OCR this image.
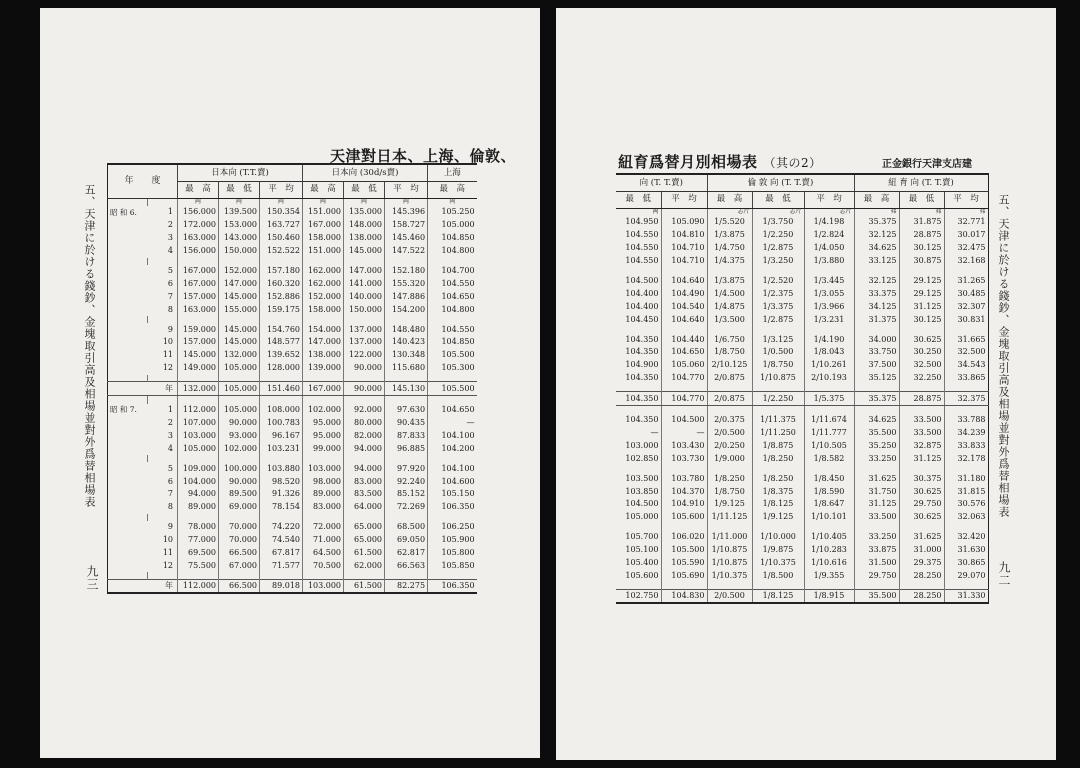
天津對日本、上海、倫敦、
五、天津に於ける錢鈔、金塊取引高及相場並對外爲替相場表
九三
年　　度		日本向 (T.T.賣)			日本向 (30d/s賣)			上海
		最　高	最　低	平　均	最　高	最　低	平　均	最　高
		両	両	両	両	両	両	両
昭 和 6.	1	156.000	139.500	150.354	151.000	135.000	145.396	105.250
	2	172.000	153.000	163.727	167.000	148.000	158.727	105.000
	3	163.000	143.000	150.460	158.000	138.000	145.460	104.850
	4	156.000	150.000	152.522	151.000	145.000	147.522	104.800

	5	167.000	152.000	157.180	162.000	147.000	152.180	104.700
	6	167.000	147.000	160.320	162.000	141.000	155.320	104.550
	7	157.000	145.000	152.886	152.000	140.000	147.886	104.650
	8	163.000	155.000	159.175	158.000	150.000	154.200	104.800

	9	159.000	145.000	154.760	154.000	137.000	148.480	104.550
	10	157.000	145.000	148.577	147.000	137.000	140.423	104.850
	11	145.000	132.000	139.652	138.000	122.000	130.348	105.500
	12	149.000	105.000	128.000	139.000	90.000	115.680	105.300

	年	132.000	105.000	151.460	167.000	90.000	145.130	105.500

昭 和 7.	1	112.000	105.000	108.000	102.000	92.000	97.630	104.650
	2	107.000	90.000	100.783	95.000	80.000	90.435	—
	3	103.000	93.000	96.167	95.000	82.000	87.833	104.100
	4	105.000	102.000	103.231	99.000	94.000	96.885	104.200

	5	109.000	100.000	103.880	103.000	94.000	97.920	104.100
	6	104.000	90.000	98.520	98.000	83.000	92.240	104.600
	7	94.000	89.500	91.326	89.000	83.500	85.152	105.150
	8	89.000	69.000	78.154	83.000	64.000	72.269	106.350

	9	78.000	70.000	74.220	72.000	65.000	68.500	106.250
	10	77.000	70.000	74.540	71.000	65.000	69.050	105.900
	11	69.500	66.500	67.817	64.500	61.500	62.817	105.800
	12	75.500	67.000	71.577	70.500	62.000	66.563	105.850

	年	112.000	66.500	89.018	103.000	61.500	82.275	106.350
紐育爲替月別相場表 （其の2）	正金銀行天津支店建
五、天津に於ける錢鈔、金塊取引高及相場並對外爲替相場表
九二
向 (T. T.賣)		倫 敦 向 (T. T.賣)			紐 育 向 (T. T.賣)		
最　低	平　均	最　高	最　低	平　均	最　高	最　低	平　均
両		志片	志片	志片	弗	弗	弗
104.950	105.090	1/5.520	1/3.750	1/4.198	35.375	31.875	32.771
104.550	104.810	1/3.875	1/2.250	1/2.824	32.125	28.875	30.017
104.550	104.710	1/4.750	1/2.875	1/4.050	34.625	30.125	32.475
104.550	104.710	1/4.375	1/3.250	1/3.880	33.125	30.875	32.168

104.500	104.640	1/3.875	1/2.520	1/3.445	32.125	29.125	31.265
104.400	104.490	1/4.500	1/2.375	1/3.055	33.375	29.125	30.485
104.400	104.540	1/4.875	1/3.375	1/3.966	34.125	31.125	32.307
104.450	104.640	1/3.500	1/2.875	1/3.231	31.375	30.125	30.831

104.350	104.440	1/6.750	1/3.125	1/4.190	34.000	30.625	31.665
104.350	104.650	1/8.750	1/0.500	1/8.043	33.750	30.250	32.500
104.900	105.060	2/10.125	1/8.750	1/10.261	37.500	32.500	34.543
104.350	104.770	2/0.875	1/10.875	2/10.193	35.125	32.250	33.865

104.350	104.770	2/0.875	1/2.250	1/5.375	35.375	28.875	32.375

104.350	104.500	2/0.375	1/11.375	1/11.674	34.625	33.500	33.788
—	—	2/0.500	1/11.250	1/11.777	35.500	33.500	34.239
103.000	103.430	2/0.250	1/8.875	1/10.505	35.250	32.875	33.833
102.850	103.730	1/9.000	1/8.250	1/8.582	33.250	31.125	32.178

103.500	103.780	1/8.250	1/8.250	1/8.450	31.625	30.375	31.180
103.850	104.370	1/8.750	1/8.375	1/8.590	31.750	30.625	31.815
104.500	104.910	1/9.125	1/8.125	1/8.647	31.125	29.750	30.576
105.000	105.600	1/11.125	1/9.125	1/10.101	33.500	30.625	32.063

105.700	106.020	1/11.000	1/10.000	1/10.405	33.250	31.625	32.420
105.100	105.500	1/10.875	1/9.875	1/10.283	33.875	31.000	31.630
105.400	105.590	1/10.875	1/10.375	1/10.616	31.500	29.375	30.865
105.600	105.690	1/10.375	1/8.500	1/9.355	29.750	28.250	29.070

102.750	104.830	2/0.500	1/8.125	1/8.915	35.500	28.250	31.330
